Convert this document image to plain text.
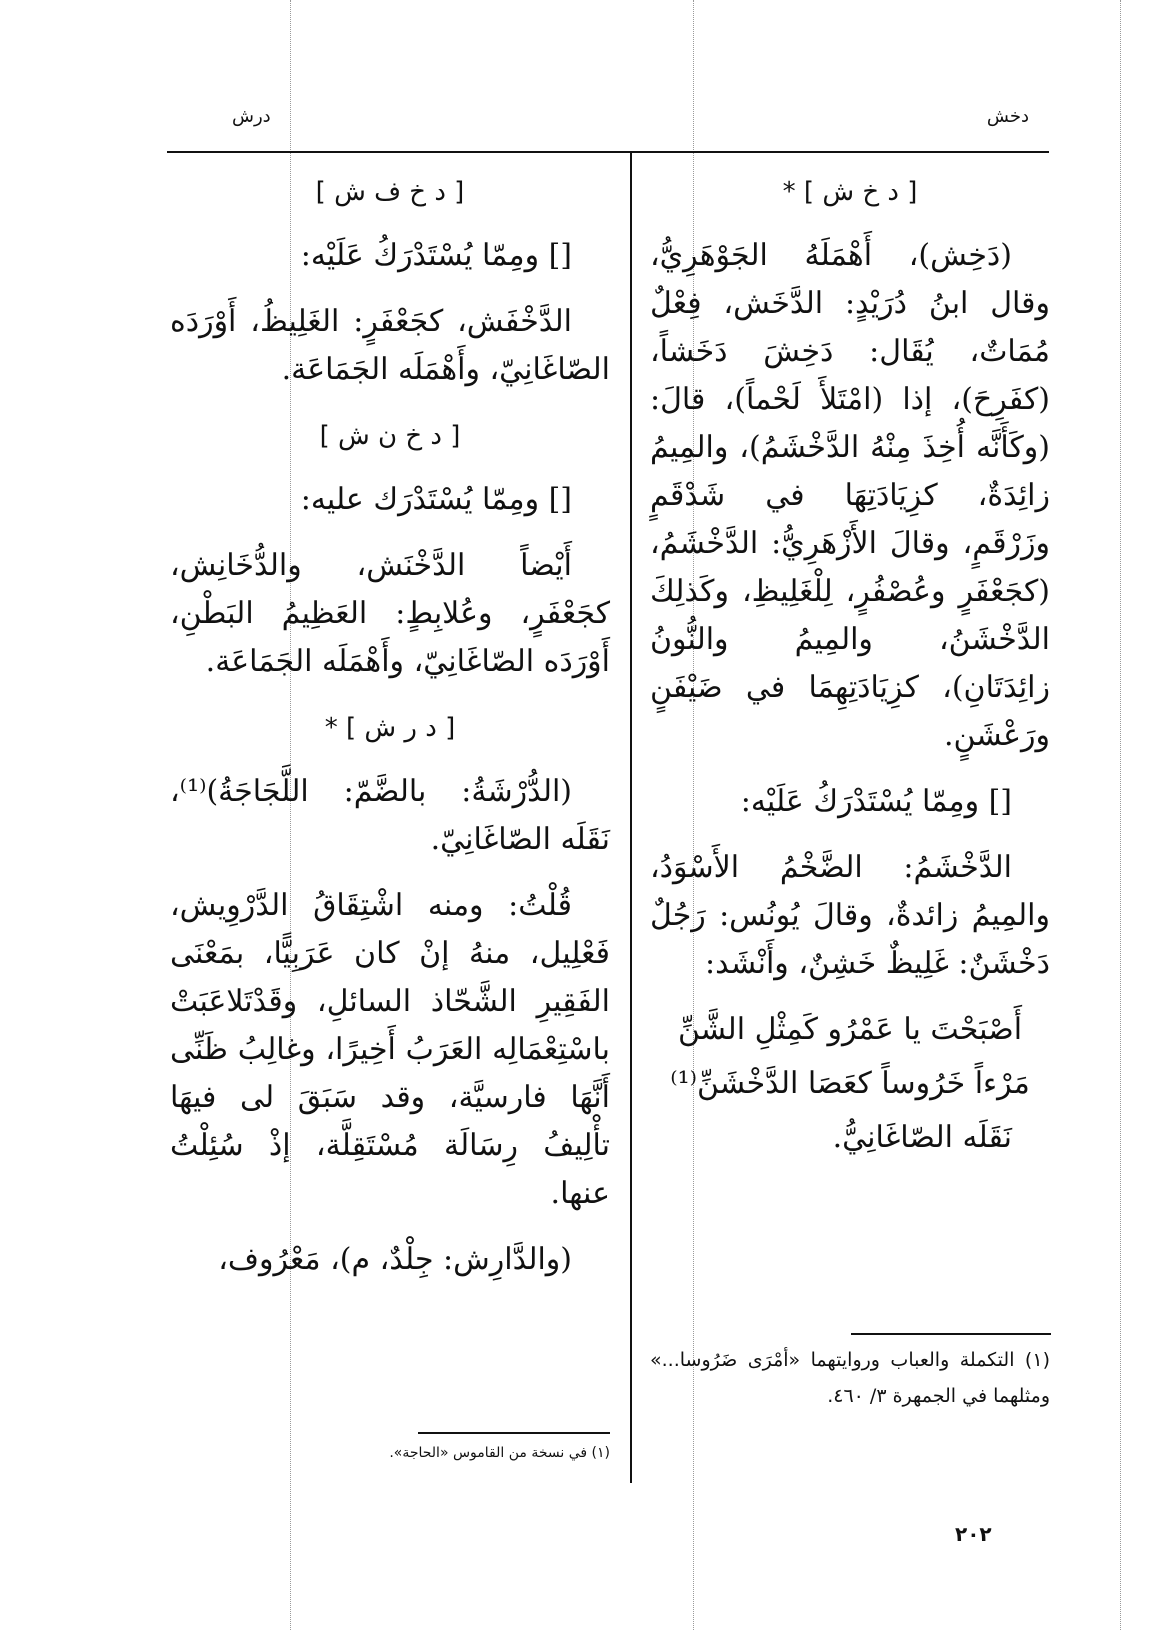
دخش
درش

[ د خ ش ] *

(دَخِش)، أَهْمَلَهُ الجَوْهَرِيُّ، وقال ابنُ دُرَيْدٍ: الدَّخَش، فِعْلٌ مُمَاتٌ، يُقَال: دَخِشَ دَخَشاً، (كفَرِحَ)، إذا (امْتَلأَ لَحْماً)، قالَ: (وكَأَنَّه أُخِذَ مِنْهُ الدَّخْشَمُ)، والمِيمُ زائِدَةٌ، كزِيَادَتِهَا في شَدْقَمٍ وزَرْقَمٍ، وقالَ الأَزْهَرِيُّ: الدَّخْشَمُ، (كجَعْفَرٍ وعُصْفُرٍ، لِلْغَلِيظِ، وكَذلِكَ الدَّخْشَنُ، والمِيمُ والنُّونُ زائِدَتَانِ)، كزِيَادَتِهِمَا في ضَيْفَنٍ ورَعْشَنٍ.

[] ومِمّا يُسْتَدْرَكُ عَلَيْه:

الدَّخْشَمُ: الضَّخْمُ الأَسْوَدُ، والمِيمُ زائدةٌ، وقالَ يُونُس: رَجُلٌ دَخْشَنٌ: غَلِيظٌ خَشِنٌ، وأَنْشَد:

أَصْبَحْتَ يا عَمْرُو كَمِثْلِ الشَّنِّ

مَرْءاً خَرُوساً كعَصَا الدَّخْشَنِّ⁽¹⁾

نَقَلَه الصّاغَانِيُّ.

[ د خ ف ش ]

[] ومِمّا يُسْتَدْرَكُ عَلَيْه:

الدَّخْفَش، كجَعْفَرٍ: الغَلِيظُ، أَوْرَدَه الصّاغَانِيّ، وأَهْمَلَه الجَمَاعَة.

[ د خ ن ش ]

[] ومِمّا يُسْتَدْرَك عليه:

أَيْضاً الدَّخْنَش، والدُّخَانِش، كجَعْفَرٍ، وعُلابِطٍ: العَظِيمُ البَطْنِ، أَوْرَدَه الصّاغَانِيّ، وأَهْمَلَه الجَمَاعَة.

[ د ر ش ] *

(الدُّرْشَةُ: بالضَّمّ: اللَّجَاجَةُ)⁽¹⁾، نَقَلَه الصّاغَانِيّ.

قُلْتُ: ومنه اشْتِقَاقُ الدَّرْوِيش، فَعْلِيل، منهُ إنْ كان عَرَبِيًّا، بمَعْنَى الفَقِيرِ الشَّحّاذ السائلِ، وقَدْتَلاعَبَتْ باسْتِعْمَالِه العَرَبُ أَخِيرًا، وغالِبُ ظَنِّى أَنَّهَا فارسيَّة، وقد سَبَقَ لى فيهَا تأْلِيفُ رِسَالَة مُسْتَقِلَّة، إذْ سُئِلْتُ عنها.

(والدَّارِش: جِلْدٌ، م)، مَعْرُوف،

(١) التكملة والعباب وروايتهما «أمْرَى ضَرُوسا...» ومثلهما في الجمهرة ٣/ ٤٦٠.
(١) في نسخة من القاموس «الحاجة».
٢٠٢
